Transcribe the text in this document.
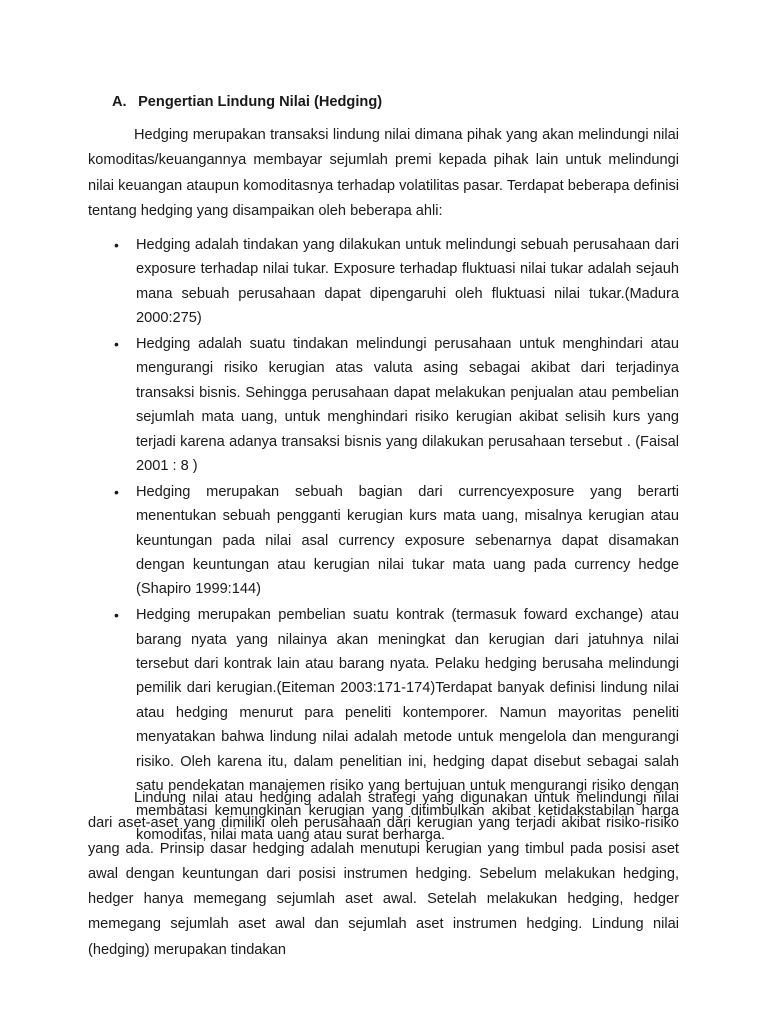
A. Pengertian Lindung Nilai (Hedging)

Hedging merupakan transaksi lindung nilai dimana pihak yang akan melindungi nilai komoditas/keuangannya membayar sejumlah premi kepada pihak lain untuk melindungi nilai keuangan ataupun komoditasnya terhadap volatilitas pasar. Terdapat beberapa definisi tentang hedging yang disampaikan oleh beberapa ahli:

• Hedging adalah tindakan yang dilakukan untuk melindungi sebuah perusahaan dari exposure terhadap nilai tukar. Exposure terhadap fluktuasi nilai tukar adalah sejauh mana sebuah perusahaan dapat dipengaruhi oleh fluktuasi nilai tukar.(Madura 2000:275)
• Hedging adalah suatu tindakan melindungi perusahaan untuk menghindari atau mengurangi risiko kerugian atas valuta asing sebagai akibat dari terjadinya transaksi bisnis. Sehingga perusahaan dapat melakukan penjualan atau pembelian sejumlah mata uang, untuk menghindari risiko kerugian akibat selisih kurs yang terjadi karena adanya transaksi bisnis yang dilakukan perusahaan tersebut . (Faisal 2001 : 8 )
• Hedging merupakan sebuah bagian dari currencyexposure yang berarti menentukan sebuah pengganti kerugian kurs mata uang, misalnya kerugian atau keuntungan pada nilai asal currency exposure sebenarnya dapat disamakan dengan keuntungan atau kerugian nilai tukar mata uang pada currency hedge (Shapiro 1999:144)
• Hedging merupakan pembelian suatu kontrak (termasuk foward exchange) atau barang nyata yang nilainya akan meningkat dan kerugian dari jatuhnya nilai tersebut dari kontrak lain atau barang nyata. Pelaku hedging berusaha melindungi pemilik dari kerugian.(Eiteman 2003:171-174)Terdapat banyak definisi lindung nilai atau hedging menurut para peneliti kontemporer. Namun mayoritas peneliti menyatakan bahwa lindung nilai adalah metode untuk mengelola dan mengurangi risiko. Oleh karena itu, dalam penelitian ini, hedging dapat disebut sebagai salah satu pendekatan manajemen risiko yang bertujuan untuk mengurangi risiko dengan membatasi kemungkinan kerugian yang ditimbulkan akibat ketidakstabilan harga komoditas, nilai mata uang atau surat berharga.

Lindung nilai atau hedging adalah strategi yang digunakan untuk melindungi nilai dari aset-aset yang dimiliki oleh perusahaan dari kerugian yang terjadi akibat risiko-risiko yang ada. Prinsip dasar hedging adalah menutupi kerugian yang timbul pada posisi aset awal dengan keuntungan dari posisi instrumen hedging. Sebelum melakukan hedging, hedger hanya memegang sejumlah aset awal. Setelah melakukan hedging, hedger memegang sejumlah aset awal dan sejumlah aset instrumen hedging. Lindung nilai (hedging) merupakan tindakan
